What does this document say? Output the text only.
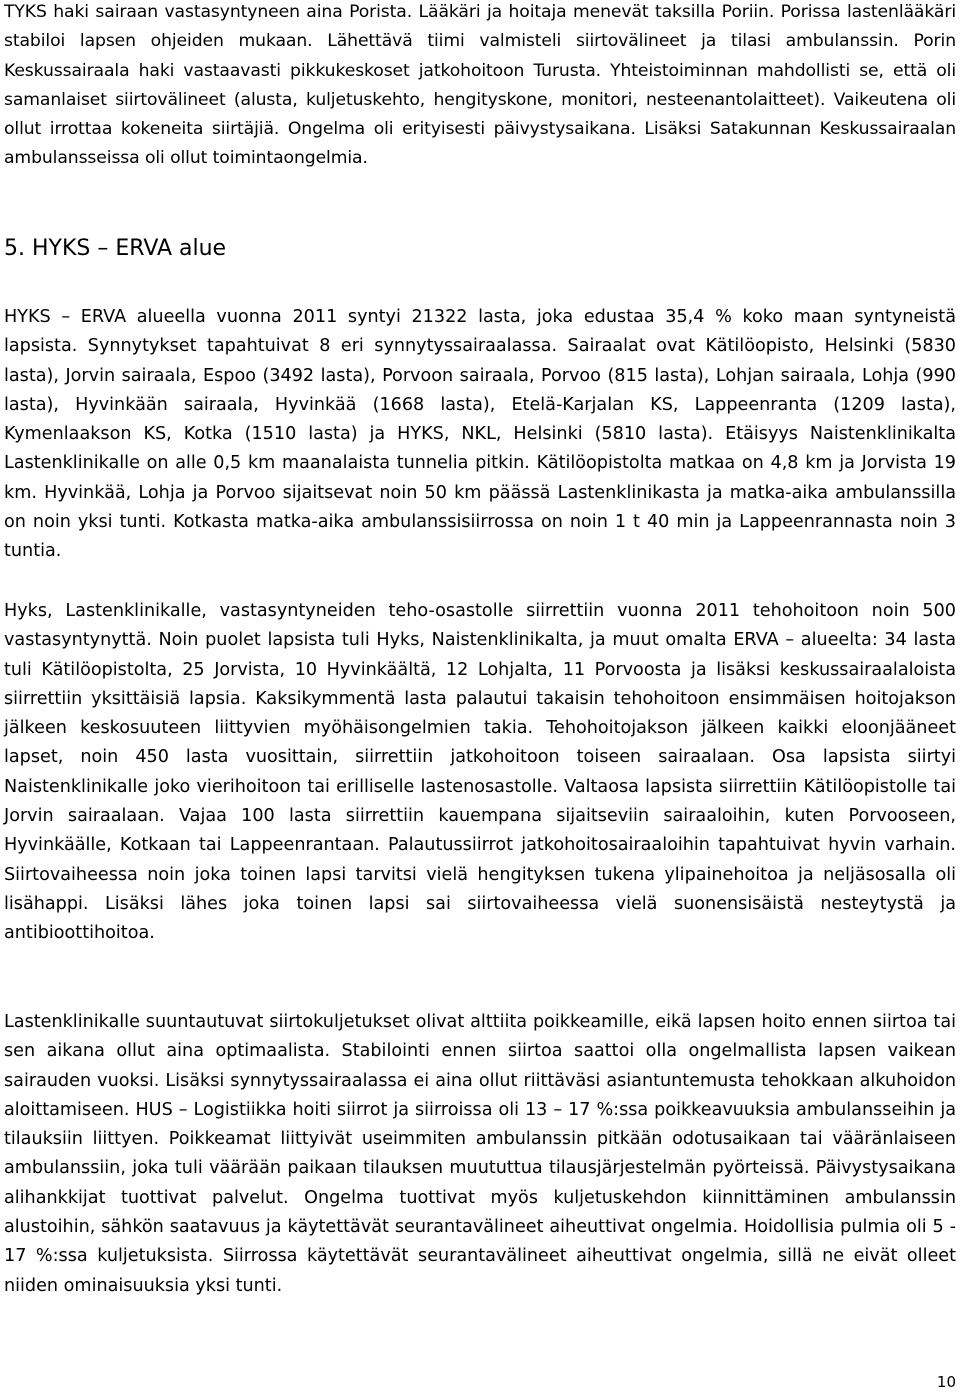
TYKS haki sairaan vastasyntyneen aina Porista. Lääkäri ja hoitaja menevät taksilla Poriin. Porissa lastenlääkäri stabiloi lapsen ohjeiden mukaan. Lähettävä tiimi valmisteli siirtovälineet ja tilasi ambulanssin. Porin Keskussairaala haki vastaavasti pikkukeskoset jatkohoitoon Turusta. Yhteistoiminnan mahdollisti se, että oli samanlaiset siirtovälineet (alusta, kuljetuskehto, hengityskone, monitori, nesteenantolaitteet). Vaikeutena oli ollut irrottaa kokeneita siirtäjiä. Ongelma oli erityisesti päivystysaikana. Lisäksi Satakunnan Keskussairaalan ambulansseissa oli ollut toimintaongelmia.

5. HYKS – ERVA alue

HYKS – ERVA alueella vuonna 2011 syntyi 21322 lasta, joka edustaa 35,4 % koko maan syntyneistä lapsista. Synnytykset tapahtuivat 8 eri synnytyssairaalassa. Sairaalat ovat Kätilöopisto, Helsinki (5830 lasta), Jorvin sairaala, Espoo (3492 lasta), Porvoon sairaala, Porvoo (815 lasta), Lohjan sairaala, Lohja (990 lasta), Hyvinkään sairaala, Hyvinkää (1668 lasta), Etelä-Karjalan KS, Lappeenranta (1209 lasta), Kymenlaakson KS, Kotka (1510 lasta) ja HYKS, NKL, Helsinki (5810 lasta). Etäisyys Naistenklinikalta Lastenklinikalle on alle 0,5 km maanalaista tunnelia pitkin. Kätilöopistolta matkaa on 4,8 km ja Jorvista 19 km. Hyvinkää, Lohja ja Porvoo sijaitsevat noin 50 km päässä Lastenklinikasta ja matka-aika ambulanssilla on noin yksi tunti. Kotkasta matka-aika ambulanssisiirrossa on noin 1 t 40 min ja Lappeenrannasta noin 3 tuntia.

Hyks, Lastenklinikalle, vastasyntyneiden teho-osastolle siirrettiin vuonna 2011 tehohoitoon noin 500 vastasyntynyttä. Noin puolet lapsista tuli Hyks, Naistenklinikalta, ja muut omalta ERVA – alueelta: 34 lasta tuli Kätilöopistolta, 25 Jorvista, 10 Hyvinkäältä, 12 Lohjalta, 11 Porvoosta ja lisäksi keskussairaalaloista siirrettiin yksittäisiä lapsia. Kaksikymmentä lasta palautui takaisin tehohoitoon ensimmäisen hoitojakson jälkeen keskosuuteen liittyvien myöhäisongelmien takia. Tehohoitojakson jälkeen kaikki eloonjääneet lapset, noin 450 lasta vuosittain, siirrettiin jatkohoitoon toiseen sairaalaan. Osa lapsista siirtyi Naistenklinikalle joko vierihoitoon tai erilliselle lastenosastolle. Valtaosa lapsista siirrettiin Kätilöopistolle tai Jorvin sairaalaan. Vajaa 100 lasta siirrettiin kauempana sijaitseviin sairaaloihin, kuten Porvooseen, Hyvinkäälle, Kotkaan tai Lappeenrantaan. Palautussiirrot jatkohoitosairaaloihin tapahtuivat hyvin varhain. Siirtovaiheessa noin joka toinen lapsi tarvitsi vielä hengityksen tukena ylipainehoitoa ja neljäsosalla oli lisähappi. Lisäksi lähes joka toinen lapsi sai siirtovaiheessa vielä suonensisäistä nesteytystä ja antibioottihoitoa.

Lastenklinikalle suuntautuvat siirtokuljetukset olivat alttiita poikkeamille, eikä lapsen hoito ennen siirtoa tai sen aikana ollut aina optimaalista. Stabilointi ennen siirtoa saattoi olla ongelmallista lapsen vaikean sairauden vuoksi. Lisäksi synnytyssairaalassa ei aina ollut riittäväsi asiantuntemusta tehokkaan alkuhoidon aloittamiseen. HUS – Logistiikka hoiti siirrot ja siirroissa oli 13 – 17 %:ssa poikkeavuuksia ambulansseihin ja tilauksiin liittyen. Poikkeamat liittyivät useimmiten ambulanssin pitkään odotusaikaan tai vääränlaiseen ambulanssiin, joka tuli väärään paikaan tilauksen muututtua tilausjärjestelmän pyörteissä. Päivystysaikana alihankkijat tuottivat palvelut. Ongelma tuottivat myös kuljetuskehdon kiinnittäminen ambulanssin alustoihin, sähkön saatavuus ja käytettävät seurantavälineet aiheuttivat ongelmia. Hoidollisia pulmia oli 5 - 17 %:ssa kuljetuksista. Siirrossa käytettävät seurantavälineet aiheuttivat ongelmia, sillä ne eivät olleet niiden ominaisuuksia yksi tunti.

10
